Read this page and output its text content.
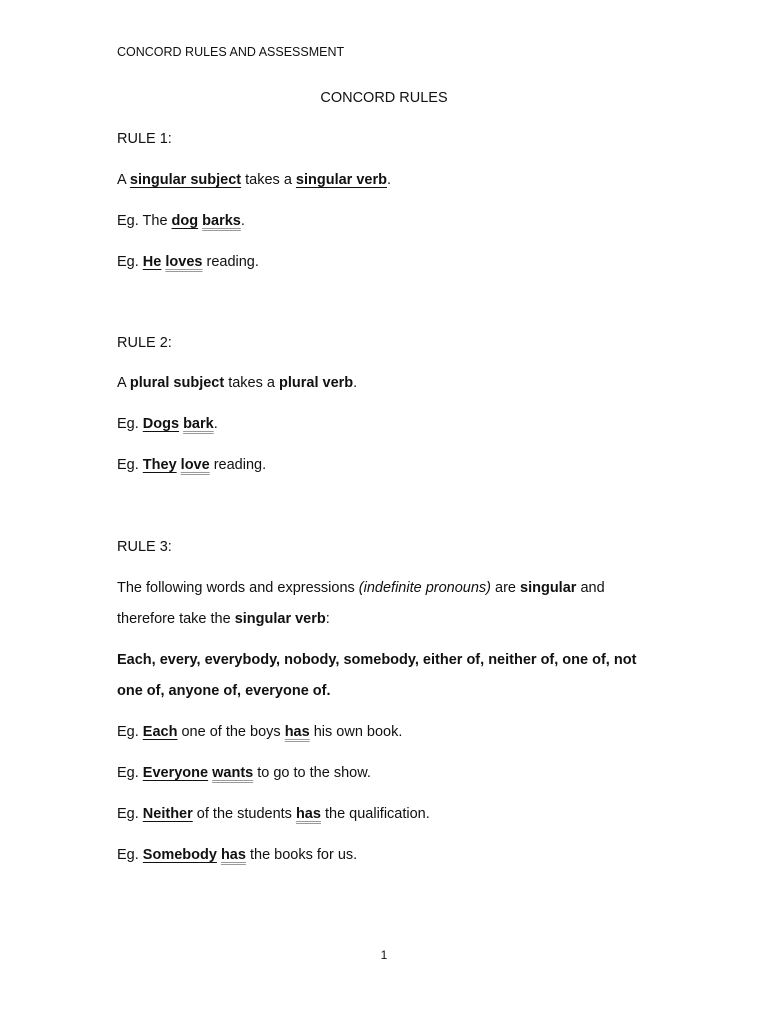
CONCORD RULES AND ASSESSMENT
CONCORD RULES
RULE 1:
A singular subject takes a singular verb.
Eg. The dog barks.
Eg. He loves reading.
RULE 2:
A plural subject takes a plural verb.
Eg. Dogs bark.
Eg. They love reading.
RULE 3:
The following words and expressions (indefinite pronouns) are singular and
therefore take the singular verb:
Each, every, everybody, nobody, somebody, either of, neither of, one of, not
one of, anyone of, everyone of.
Eg. Each one of the boys has his own book.
Eg. Everyone wants to go to the show.
Eg. Neither of the students has the qualification.
Eg. Somebody has the books for us.
1
